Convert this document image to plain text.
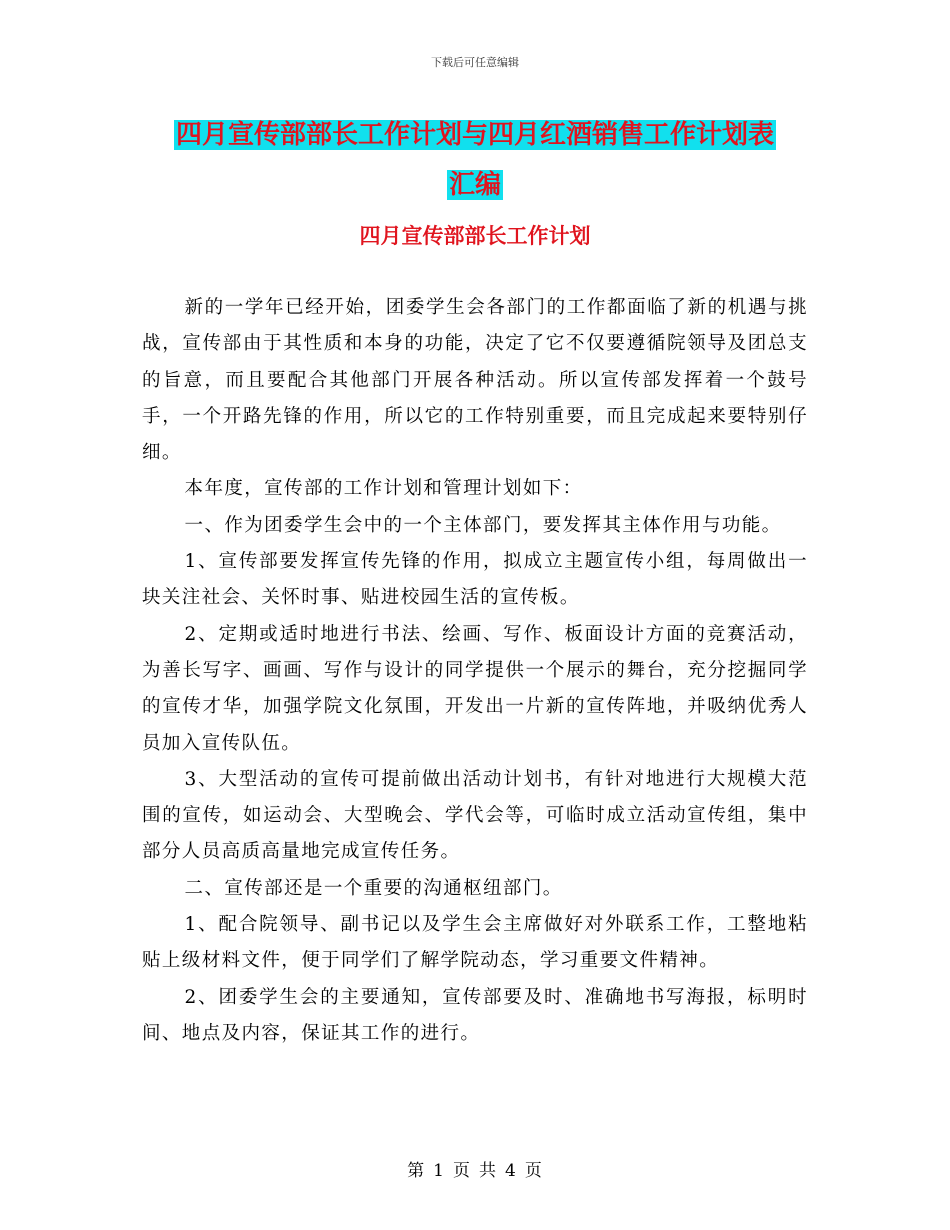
下载后可任意编辑
四月宣传部部长工作计划与四月红酒销售工作计划表
汇编
四月宣传部部长工作计划

新的一学年已经开始，团委学生会各部门的工作都面临了新的机遇与挑战，宣传部由于其性质和本身的功能，决定了它不仅要遵循院领导及团总支的旨意，而且要配合其他部门开展各种活动。所以宣传部发挥着一个鼓号手，一个开路先锋的作用，所以它的工作特别重要，而且完成起来要特别仔细。

本年度，宣传部的工作计划和管理计划如下：

一、作为团委学生会中的一个主体部门，要发挥其主体作用与功能。

1、宣传部要发挥宣传先锋的作用，拟成立主题宣传小组，每周做出一块关注社会、关怀时事、贴进校园生活的宣传板。

2、定期或适时地进行书法、绘画、写作、板面设计方面的竞赛活动，为善长写字、画画、写作与设计的同学提供一个展示的舞台，充分挖掘同学的宣传才华，加强学院文化氛围，开发出一片新的宣传阵地，并吸纳优秀人员加入宣传队伍。

3、大型活动的宣传可提前做出活动计划书，有针对地进行大规模大范围的宣传，如运动会、大型晚会、学代会等，可临时成立活动宣传组，集中部分人员高质高量地完成宣传任务。

二、宣传部还是一个重要的沟通枢纽部门。

1、配合院领导、副书记以及学生会主席做好对外联系工作，工整地粘贴上级材料文件，便于同学们了解学院动态，学习重要文件精神。

2、团委学生会的主要通知，宣传部要及时、准确地书写海报，标明时间、地点及内容，保证其工作的进行。

第 1 页 共 4 页
